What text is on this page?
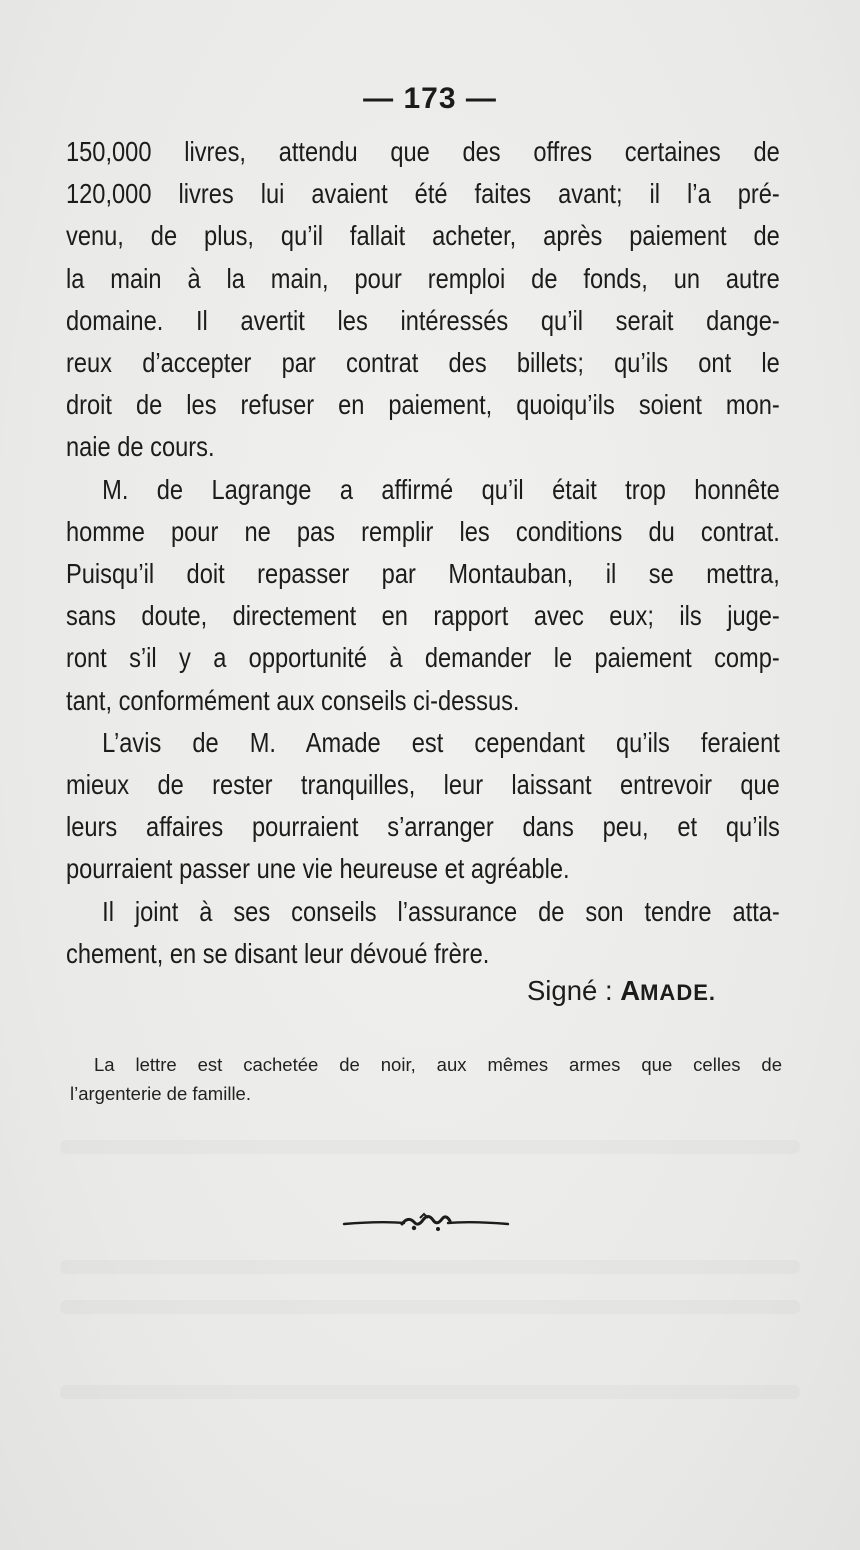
— 173 —
150,000 livres, attendu que des offres certaines de
120,000 livres lui avaient été faites avant; il l’a pré-
venu, de plus, qu’il fallait acheter, après paiement de
la main à la main, pour remploi de fonds, un autre
domaine. Il avertit les intéressés qu’il serait dange-
reux d’accepter par contrat des billets; qu’ils ont le
droit de les refuser en paiement, quoiqu’ils soient mon-
naie de cours.
M. de Lagrange a affirmé qu’il était trop honnête
homme pour ne pas remplir les conditions du contrat.
Puisqu’il doit repasser par Montauban, il se mettra,
sans doute, directement en rapport avec eux; ils juge-
ront s’il y a opportunité à demander le paiement comp-
tant, conformément aux conseils ci-dessus.
L’avis de M. Amade est cependant qu’ils feraient
mieux de rester tranquilles, leur laissant entrevoir que
leurs affaires pourraient s’arranger dans peu, et qu’ils
pourraient passer une vie heureuse et agréable.
Il joint à ses conseils l’assurance de son tendre atta-
chement, en se disant leur dévoué frère.
Signé : AMADE.
La lettre est cachetée de noir, aux mêmes armes que celles de
l’argenterie de famille.
